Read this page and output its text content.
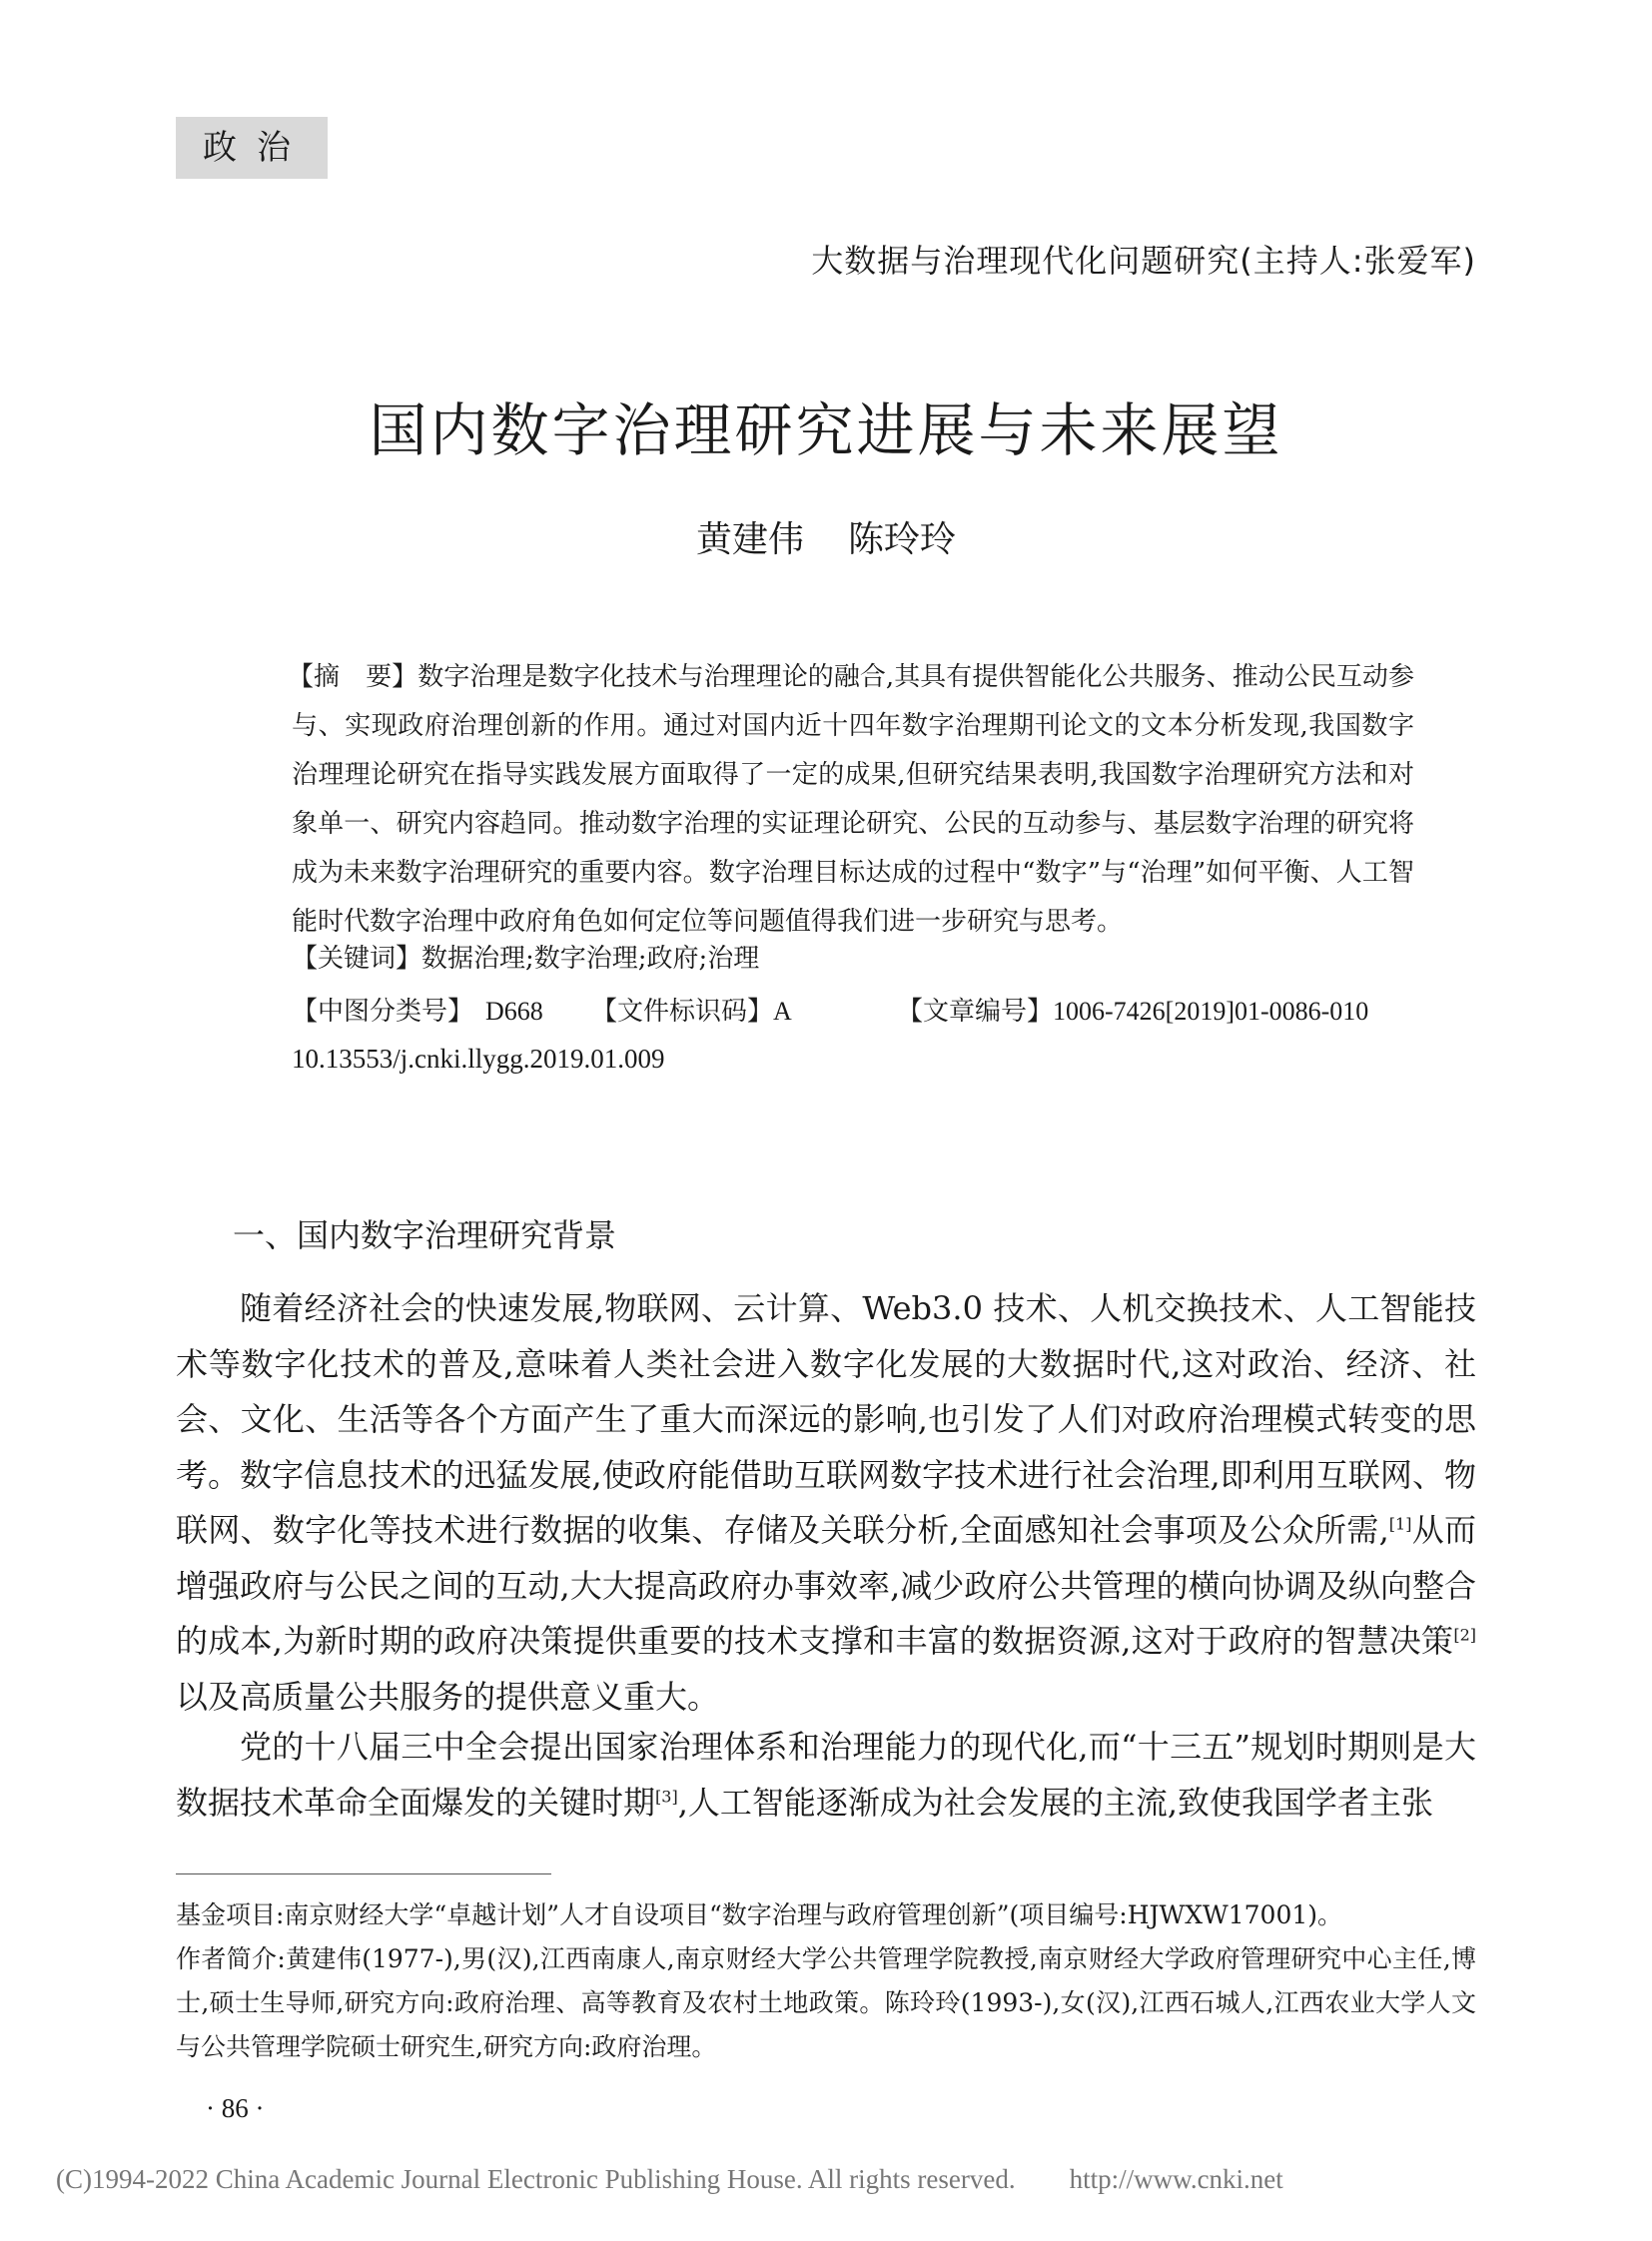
政治
大数据与治理现代化问题研究(主持人:张爱军)
国内数字治理研究进展与未来展望
黄建伟 陈玲玲
【摘　要】数字治理是数字化技术与治理理论的融合,其具有提供智能化公共服务、推动公民互动参与、实现政府治理创新的作用。通过对国内近十四年数字治理期刊论文的文本分析发现,我国数字治理理论研究在指导实践发展方面取得了一定的成果,但研究结果表明,我国数字治理研究方法和对象单一、研究内容趋同。推动数字治理的实证理论研究、公民的互动参与、基层数字治理的研究将成为未来数字治理研究的重要内容。数字治理目标达成的过程中“数字”与“治理”如何平衡、人工智能时代数字治理中政府角色如何定位等问题值得我们进一步研究与思考。
【关键词】数据治理;数字治理;政府;治理
【中图分类号】 D668 【文件标识码】A	【文章编号】1006-7426[2019]01-0086-010
10.13553/j.cnki.llygg.2019.01.009
一、国内数字治理研究背景
随着经济社会的快速发展,物联网、云计算、Web3.0 技术、人机交换技术、人工智能技术等数字化技术的普及,意味着人类社会进入数字化发展的大数据时代,这对政治、经济、社会、文化、生活等各个方面产生了重大而深远的影响,也引发了人们对政府治理模式转变的思考。数字信息技术的迅猛发展,使政府能借助互联网数字技术进行社会治理,即利用互联网、物联网、数字化等技术进行数据的收集、存储及关联分析,全面感知社会事项及公众所需,[1]从而增强政府与公民之间的互动,大大提高政府办事效率,减少政府公共管理的横向协调及纵向整合的成本,为新时期的政府决策提供重要的技术支撑和丰富的数据资源,这对于政府的智慧决策[2]以及高质量公共服务的提供意义重大。
党的十八届三中全会提出国家治理体系和治理能力的现代化,而“十三五”规划时期则是大数据技术革命全面爆发的关键时期[3],人工智能逐渐成为社会发展的主流,致使我国学者主张
基金项目:南京财经大学“卓越计划”人才自设项目“数字治理与政府管理创新”(项目编号:HJWXW17001)。
作者简介:黄建伟(1977-),男(汉),江西南康人,南京财经大学公共管理学院教授,南京财经大学政府管理研究中心主任,博士,硕士生导师,研究方向:政府治理、高等教育及农村土地政策。陈玲玲(1993-),女(汉),江西石城人,江西农业大学人文与公共管理学院硕士研究生,研究方向:政府治理。
· 86 ·
(C)1994-2022 China Academic Journal Electronic Publishing House. All rights reserved.　　http://www.cnki.net
